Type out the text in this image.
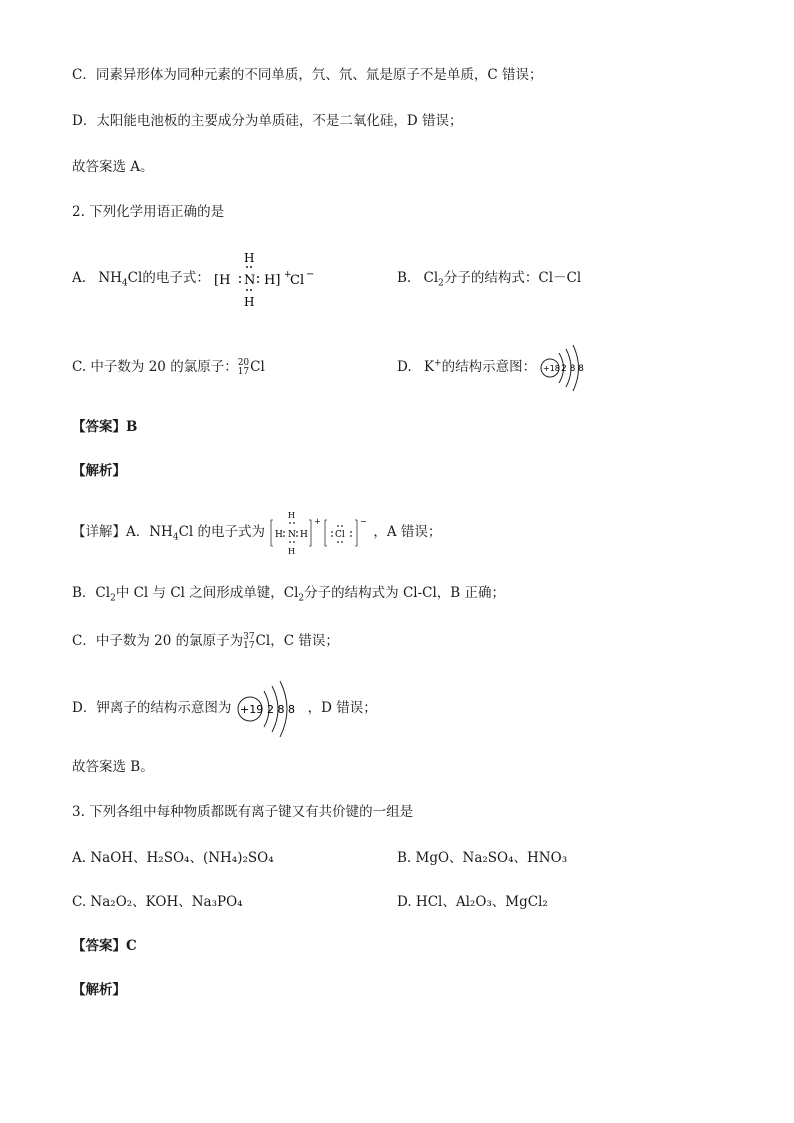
C．同素异形体为同种元素的不同单质，氕、氘、氚是原子不是单质，C 错误；
D．太阳能电池板的主要成分为单质硅，不是二氧化硅，D 错误；
故答案选 A。
2. 下列化学用语正确的是
A. $NH_4Cl$的电子式： [H N
H
H
H] +
Cl −	B. $Cl_2$分子的结构式：Cl－Cl
C. 中子数为 20 的氯原子： 20
17 Cl	D. K+的结构示意图： +18 2 8 8
【答案】B
【解析】
【详解】A．$NH_4Cl$ 的电子式为 H N H
H
H
+
Cl
−
，A 错误；
B．$Cl_2$中 Cl 与 Cl 之间形成单键，$Cl_2$分子的结构式为 Cl-Cl，B 正确；
C．中子数为 20 的氯原子为 37
17 Cl，C 错误；
D．钾离子的结构示意图为 +19 2 8 8 ，D 错误；
故答案选 B。
3. 下列各组中每种物质都既有离子键又有共价键的一组是
A. NaOH、H₂SO₄、(NH₄)₂SO₄	B. MgO、Na₂SO₄、HNO₃
C. Na₂O₂、KOH、Na₃PO₄	D. HCl、Al₂O₃、MgCl₂
【答案】C
【解析】
